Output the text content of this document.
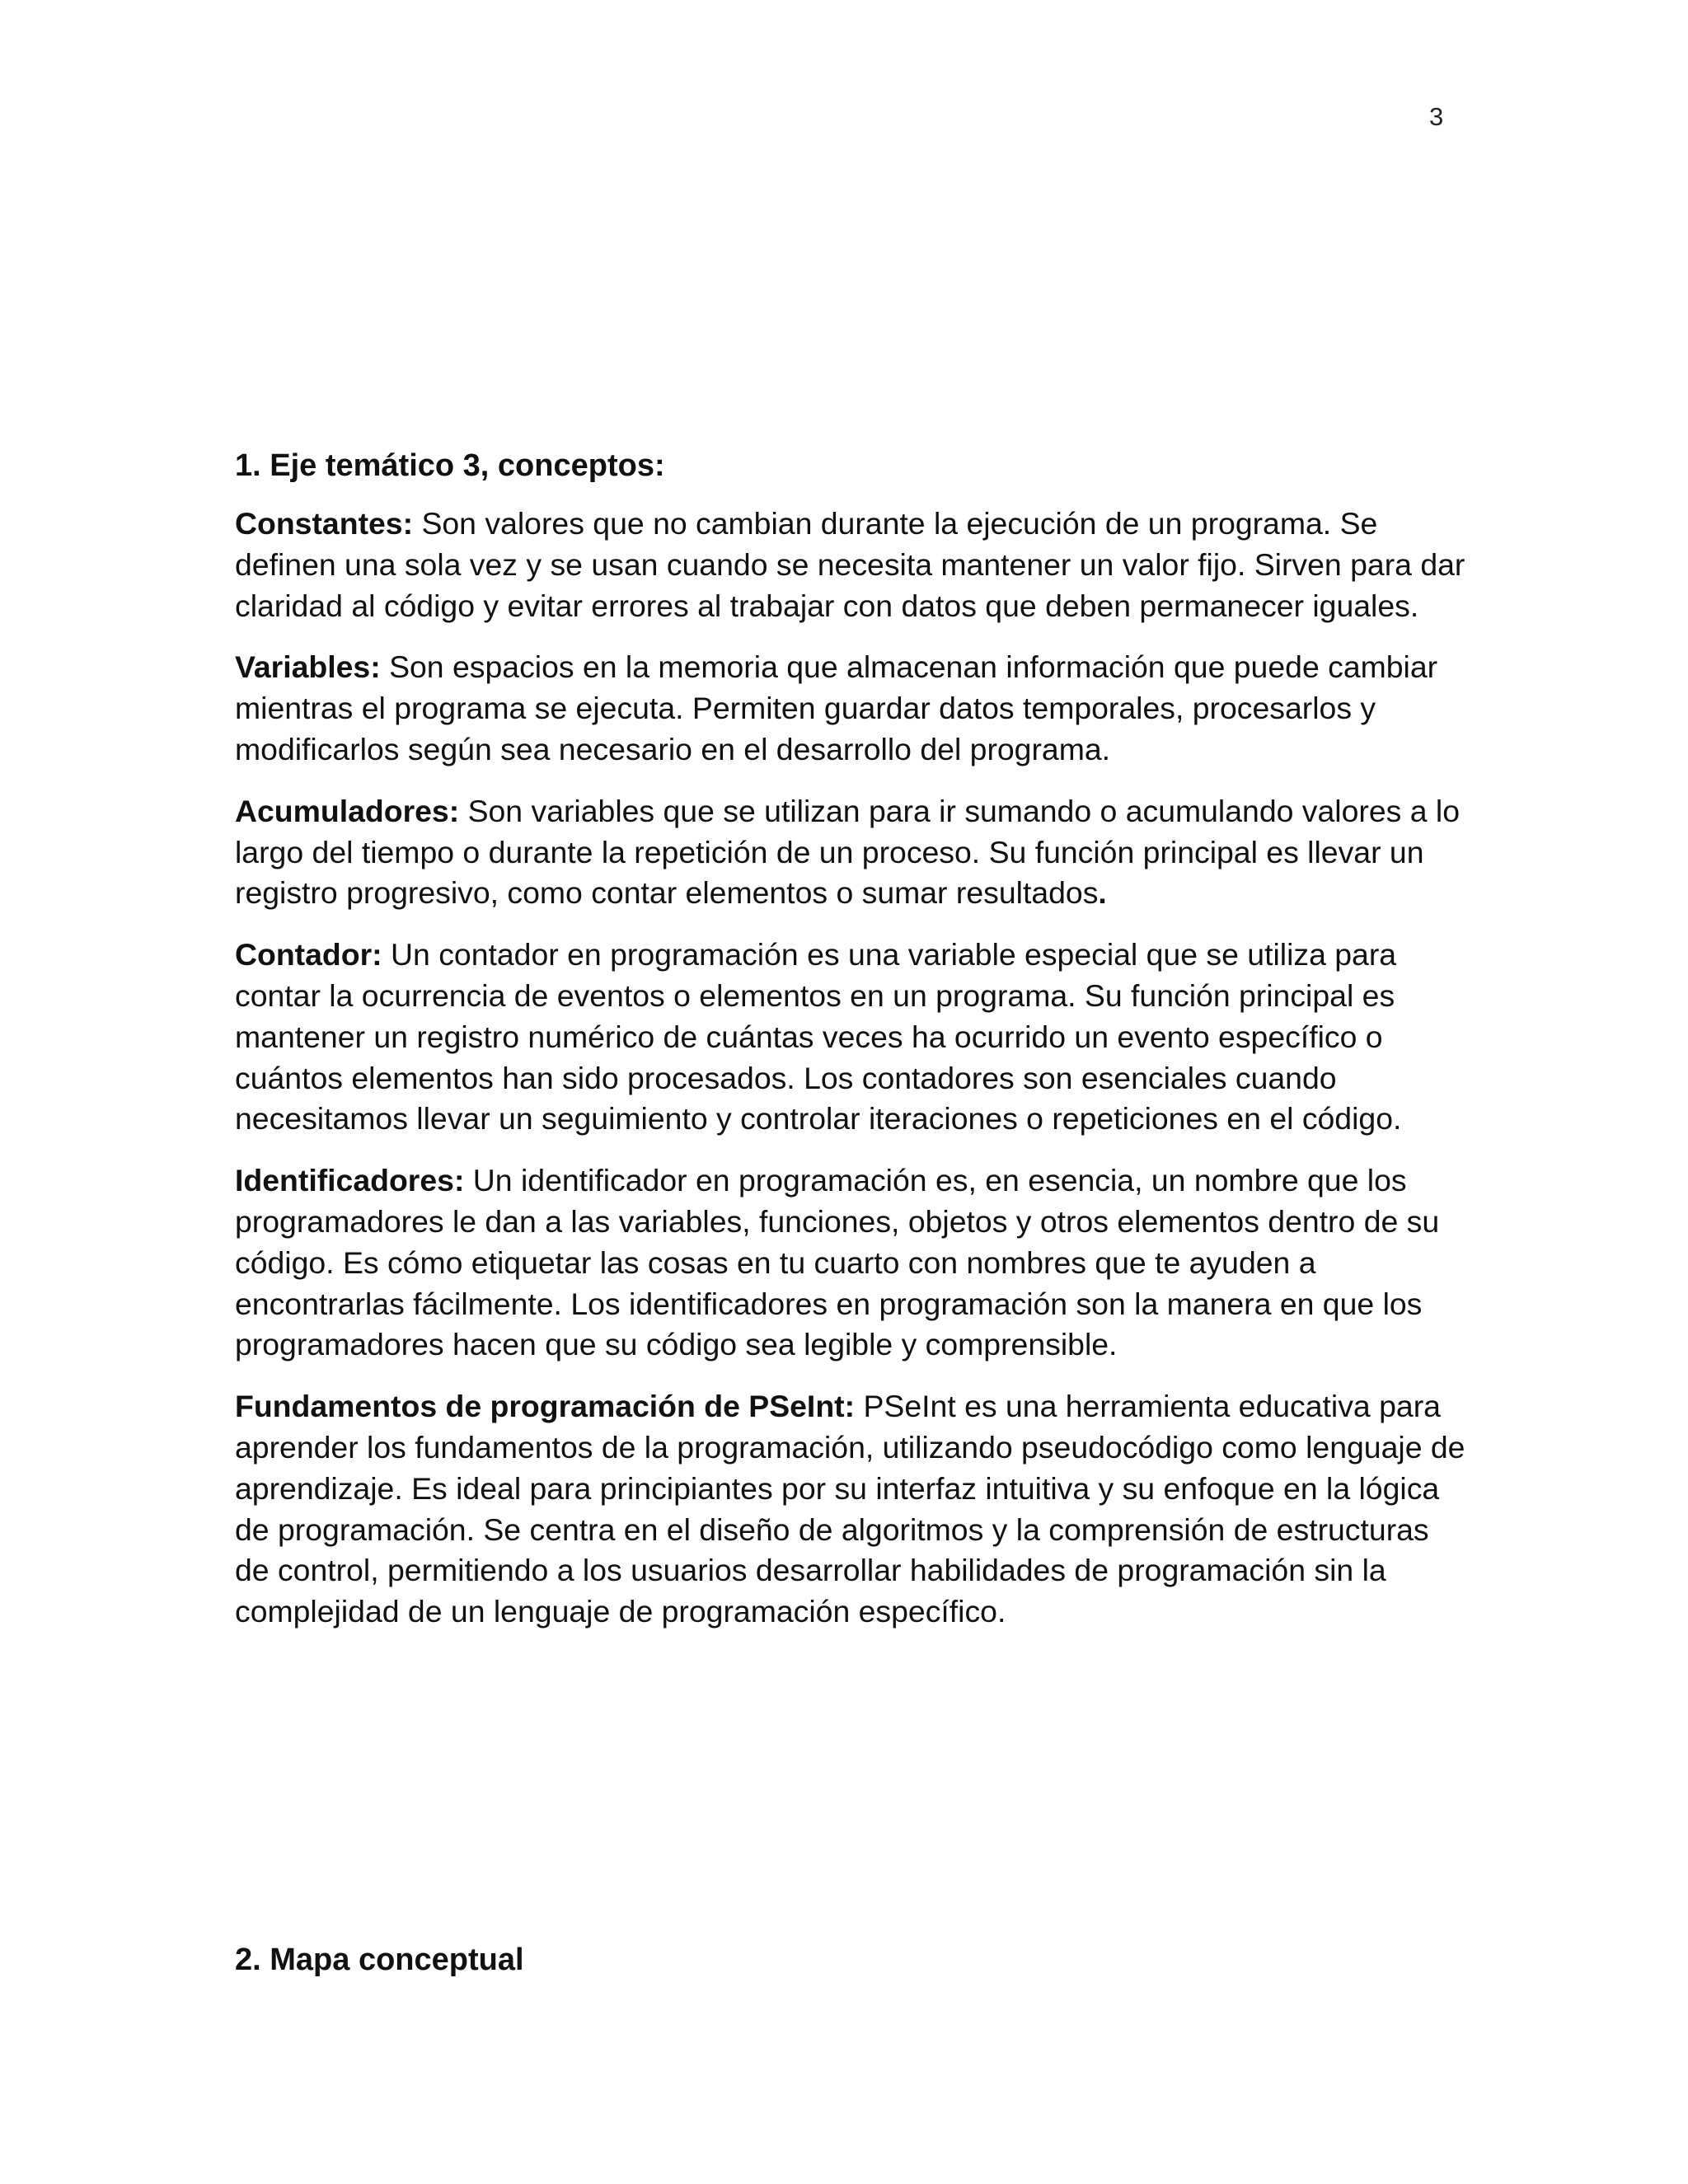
3

1. Eje temático 3, conceptos:

Constantes: Son valores que no cambian durante la ejecución de un programa. Se definen una sola vez y se usan cuando se necesita mantener un valor fijo. Sirven para dar claridad al código y evitar errores al trabajar con datos que deben permanecer iguales.

Variables: Son espacios en la memoria que almacenan información que puede cambiar mientras el programa se ejecuta. Permiten guardar datos temporales, procesarlos y modificarlos según sea necesario en el desarrollo del programa.

Acumuladores: Son variables que se utilizan para ir sumando o acumulando valores a lo largo del tiempo o durante la repetición de un proceso. Su función principal es llevar un registro progresivo, como contar elementos o sumar resultados.

Contador: Un contador en programación es una variable especial que se utiliza para contar la ocurrencia de eventos o elementos en un programa. Su función principal es mantener un registro numérico de cuántas veces ha ocurrido un evento específico o cuántos elementos han sido procesados. Los contadores son esenciales cuando necesitamos llevar un seguimiento y controlar iteraciones o repeticiones en el código.

Identificadores: Un identificador en programación es, en esencia, un nombre que los programadores le dan a las variables, funciones, objetos y otros elementos dentro de su código. Es cómo etiquetar las cosas en tu cuarto con nombres que te ayuden a encontrarlas fácilmente. Los identificadores en programación son la manera en que los programadores hacen que su código sea legible y comprensible.

Fundamentos de programación de PSeInt: PSeInt es una herramienta educativa para aprender los fundamentos de la programación, utilizando pseudocódigo como lenguaje de aprendizaje. Es ideal para principiantes por su interfaz intuitiva y su enfoque en la lógica de programación. Se centra en el diseño de algoritmos y la comprensión de estructuras de control, permitiendo a los usuarios desarrollar habilidades de programación sin la complejidad de un lenguaje de programación específico.

2. Mapa conceptual
